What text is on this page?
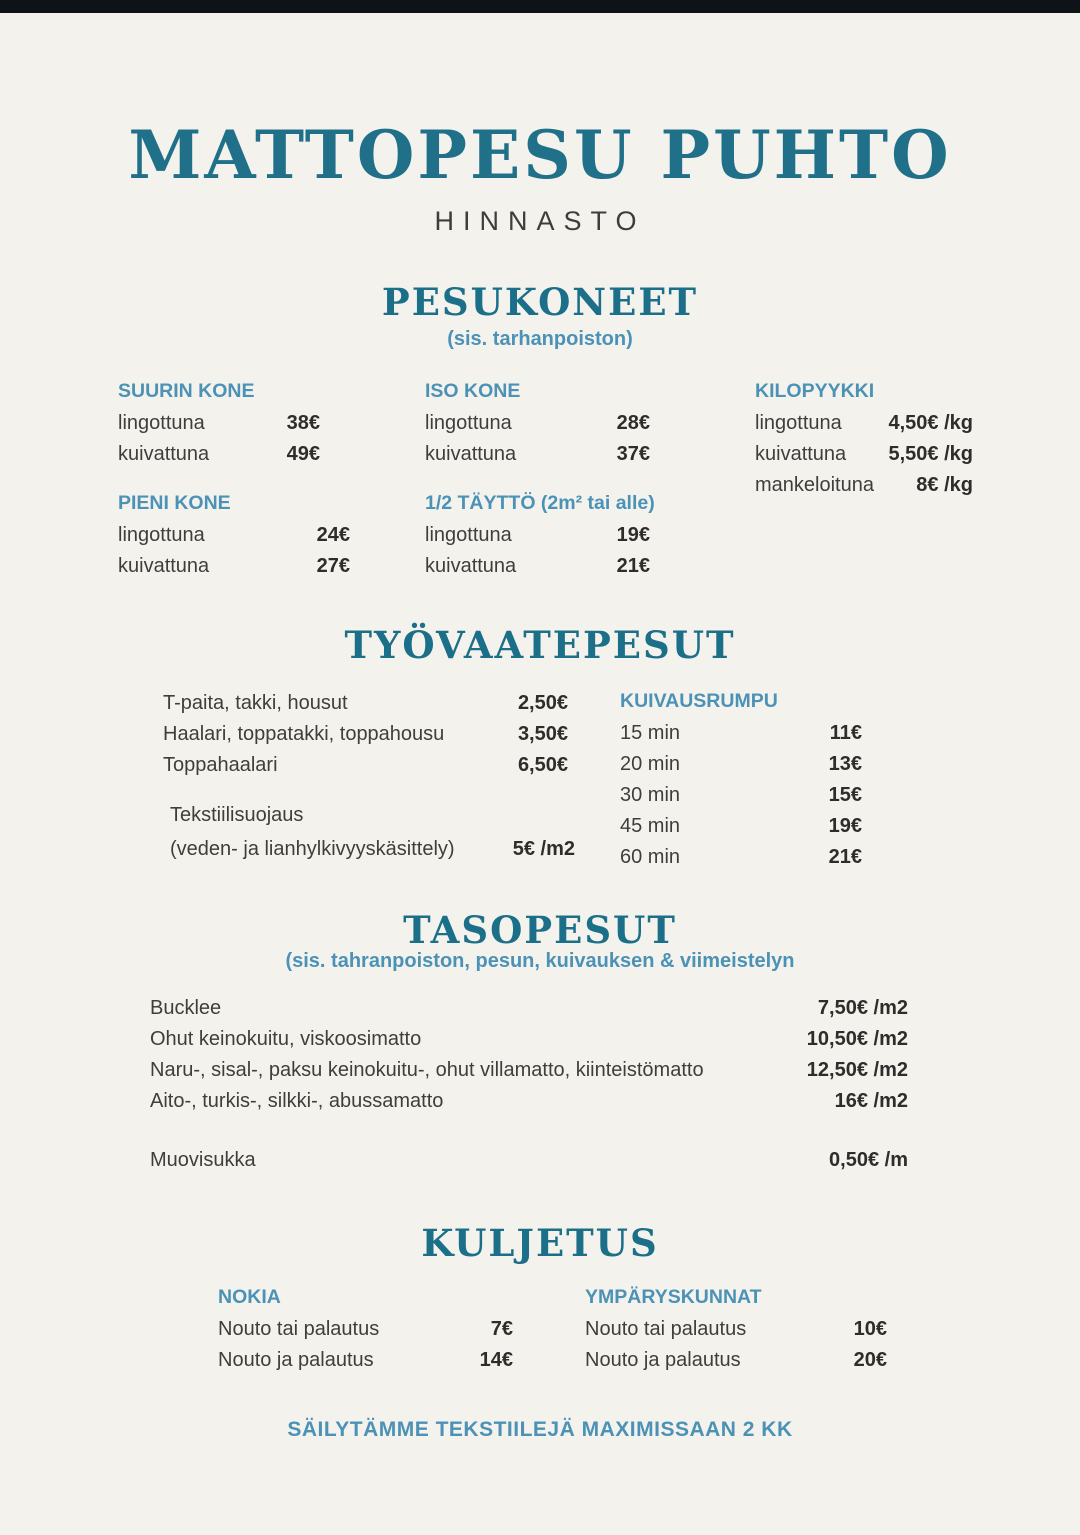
MATTOPESU PUHTO
HINNASTO
PESUKONEET
(sis. tarhanpoiston)
SUURIN KONE
lingottuna	38€
kuivattuna	49€
ISO KONE
lingottuna	28€
kuivattuna	37€
KILOPYYKKI
lingottuna 4,50€ /kg
kuivattuna 5,50€ /kg
mankeloituna 8€ /kg
PIENI KONE
lingottuna	24€
kuivattuna	27€
1/2 TÄYTTÖ (2m² tai alle)
lingottuna	19€
kuivattuna	21€
TYÖVAATEPESUT
T-paita, takki, housut	2,50€
Haalari, toppatakki, toppahousu	3,50€
Toppahaalari	6,50€
Tekstiilisuojaus
(veden- ja lianhylkivyyskäsittely)	5€ /m2
KUIVAUSRUMPU
15 min	11€
20 min	13€
30 min	15€
45 min	19€
60 min	21€
TASOPESUT
(sis. tahranpoiston, pesun, kuivauksen & viimeistelyn
Bucklee	7,50€ /m2
Ohut keinokuitu, viskoosimatto	10,50€ /m2
Naru-, sisal-, paksu keinokuitu-, ohut villamatto, kiinteistömatto	12,50€ /m2
Aito-, turkis-, silkki-, abussamatto	16€ /m2
Muovisukka	0,50€ /m
KULJETUS
NOKIA
Nouto tai palautus	7€
Nouto ja palautus	14€
YMPÄRYSKUNNAT
Nouto tai palautus	10€
Nouto ja palautus	20€
SÄILYTÄMME TEKSTIILEJÄ MAXIMISSAAN 2 KK
